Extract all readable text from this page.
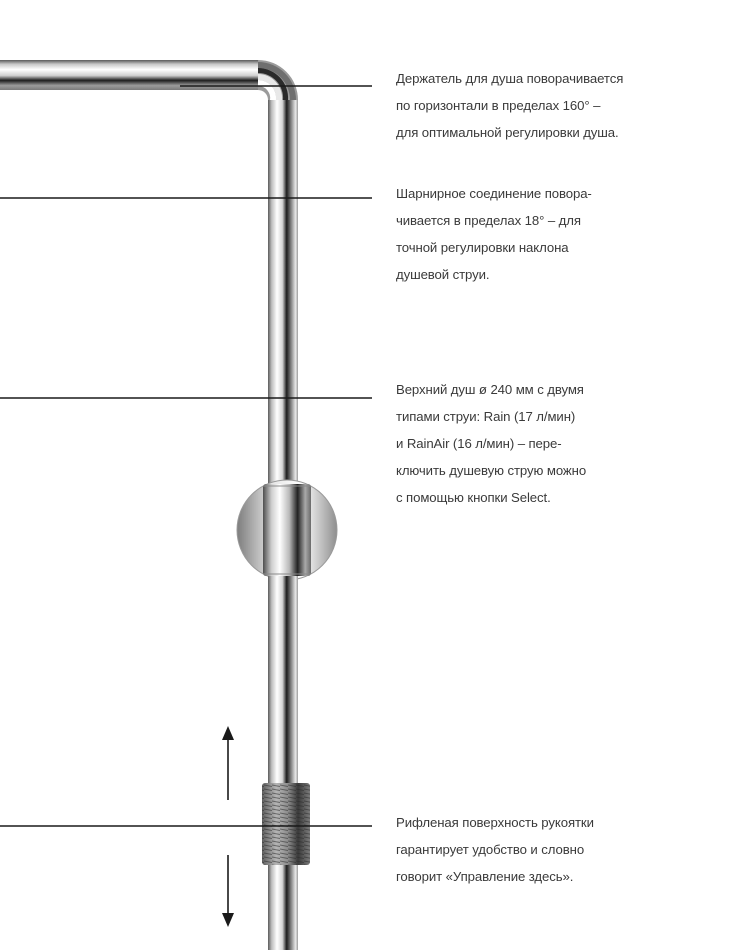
Держатель для душа поворачивается
по горизонтали в пределах 160° –
для оптимальной регулировки душа.
Шарнирное соединение повора-
чивается в пределах 18° – для
точной регулировки наклона
душевой струи.
Верхний душ ø 240 мм с двумя
типами струи: Rain (17 л/мин)
и RainAir (16 л/мин) – пере-
ключить душевую струю можно
с помощью кнопки Select.
Рифленая поверхность рукоятки
гарантирует удобство и словно
говорит «Управление здесь».
